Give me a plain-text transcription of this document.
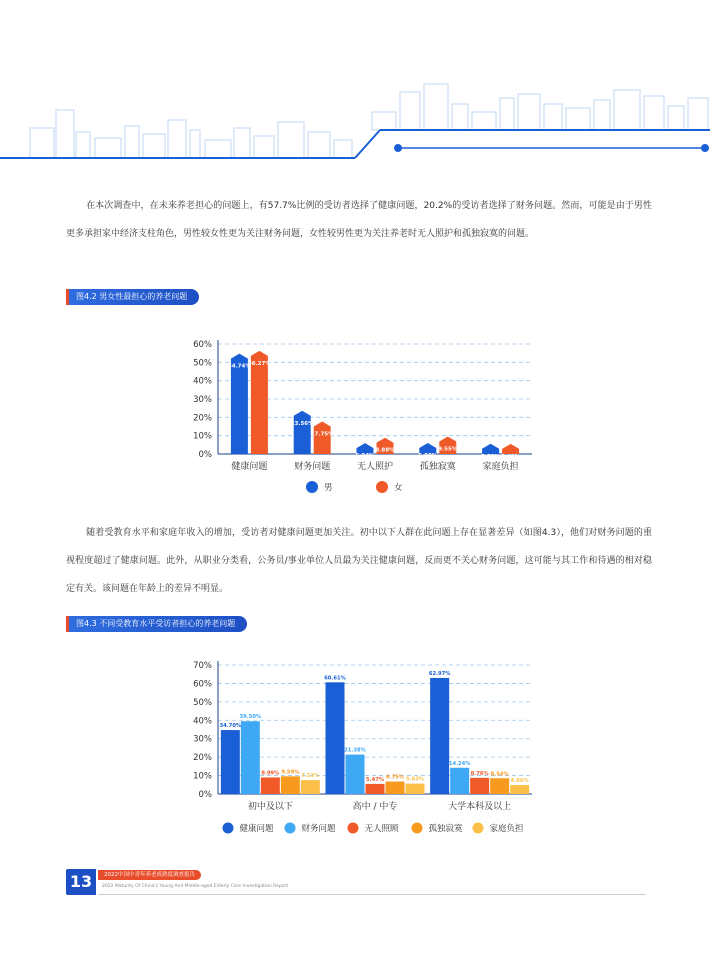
在本次调查中，在未来养老担心的问题上，有57.7%比例的受访者选择了健康问题，20.2%的受访者选择了财务问题。然而，可能是由于男性更多承担家中经济支柱角色，男性较女性更为关注财务问题，女性较男性更为关注养老时无人照护和孤独寂寞的问题。

图4.2 男女性最担心的养老问题
0%
10%
20%
30%
40%
50%
60%
54.74%
56.27%
健康问题
23.56%
17.75%
财务问题
5.94%
8.88%
无人照护
6.00%
9.55%
孤独寂寞
5.58% 5.49%
家庭负担
男	女

随着受教育水平和家庭年收入的增加，受访者对健康问题更加关注。初中以下人群在此问题上存在显著差异（如图4.3），他们对财务问题的重视程度超过了健康问题。此外，从职业分类看，公务员/事业单位人员最为关注健康问题，反而更不关心财务问题，这可能与其工作和待遇的相对稳定有关。该问题在年龄上的差异不明显。

图4.3 不同受教育水平受访者担心的养老问题
0%
10%
20%
30%
40%
50%
60%
70%
34.70%
39.50%
8.99% 9.59%
7.53%
初中及以下
60.61%
21.38%
5.47% 6.75% 5.63%
高中 / 中专
62.97%
14.24%
8.76% 8.54%
4.86%
大学本科及以上
健康问题	财务问题	无人照顾	孤独寂寞	家庭负担
13	2022中国中青年养老成熟度调查报告
2022 Maturity Of China's Young And Middle-aged Elderly Care Investigation Report
